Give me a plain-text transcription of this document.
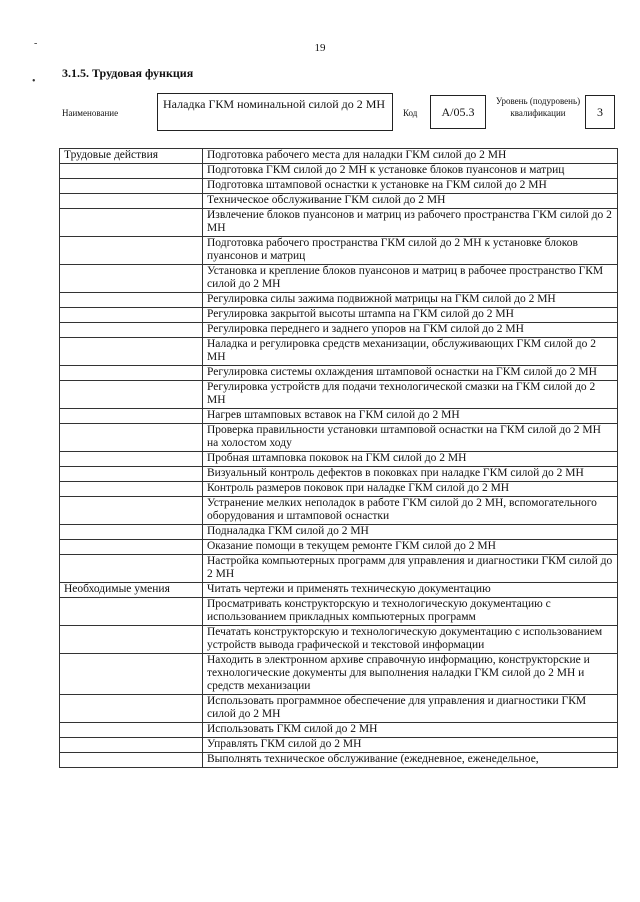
-
•
19
3.1.5. Трудовая функция
Наименование
Наладка ГКМ номинальной силой до 2 МН
Код	А/05.3
Уровень (подуровень) квалификации	3
Трудовые действия	Подготовка рабочего места для наладки ГКМ силой до 2 МН
	Подготовка ГКМ силой до 2 МН к установке блоков пуансонов и матриц
	Подготовка штамповой оснастки к установке на ГКМ силой до 2 МН
	Техническое обслуживание ГКМ силой до 2 МН
	Извлечение блоков пуансонов и матриц из рабочего пространства ГКМ силой до 2 МН
	Подготовка рабочего пространства ГКМ силой до 2 МН к установке блоков пуансонов и матриц
	Установка и крепление блоков пуансонов и матриц в рабочее пространство ГКМ силой до 2 МН
	Регулировка силы зажима подвижной матрицы на ГКМ силой до 2 МН
	Регулировка закрытой высоты штампа на ГКМ силой до 2 МН
	Регулировка переднего и заднего упоров на ГКМ силой до 2 МН
	Наладка и регулировка средств механизации, обслуживающих ГКМ силой до 2 МН
	Регулировка системы охлаждения штамповой оснастки на ГКМ силой до 2 МН
	Регулировка устройств для подачи технологической смазки на ГКМ силой до 2 МН
	Нагрев штамповых вставок на ГКМ силой до 2 МН
	Проверка правильности установки штамповой оснастки на ГКМ силой до 2 МН на холостом ходу
	Пробная штамповка поковок на ГКМ силой до 2 МН
	Визуальный контроль дефектов в поковках при наладке ГКМ силой до 2 МН
	Контроль размеров поковок при наладке ГКМ силой до 2 МН
	Устранение мелких неполадок в работе ГКМ силой до 2 МН, вспомогательного оборудования и штамповой оснастки
	Подналадка ГКМ силой до 2 МН
	Оказание помощи в текущем ремонте ГКМ силой до 2 МН
	Настройка компьютерных программ для управления и диагностики ГКМ силой до 2 МН
Необходимые умения	Читать чертежи и применять техническую документацию
	Просматривать конструкторскую и технологическую документацию с использованием прикладных компьютерных программ
	Печатать конструкторскую и технологическую документацию с использованием устройств вывода графической и текстовой информации
	Находить в электронном архиве справочную информацию, конструкторские и технологические документы для выполнения наладки ГКМ силой до 2 МН и средств механизации
	Использовать программное обеспечение для управления и диагностики ГКМ силой до 2 МН
	Использовать ГКМ силой до 2 МН
	Управлять ГКМ силой до 2 МН
	Выполнять техническое обслуживание (ежедневное, еженедельное,
